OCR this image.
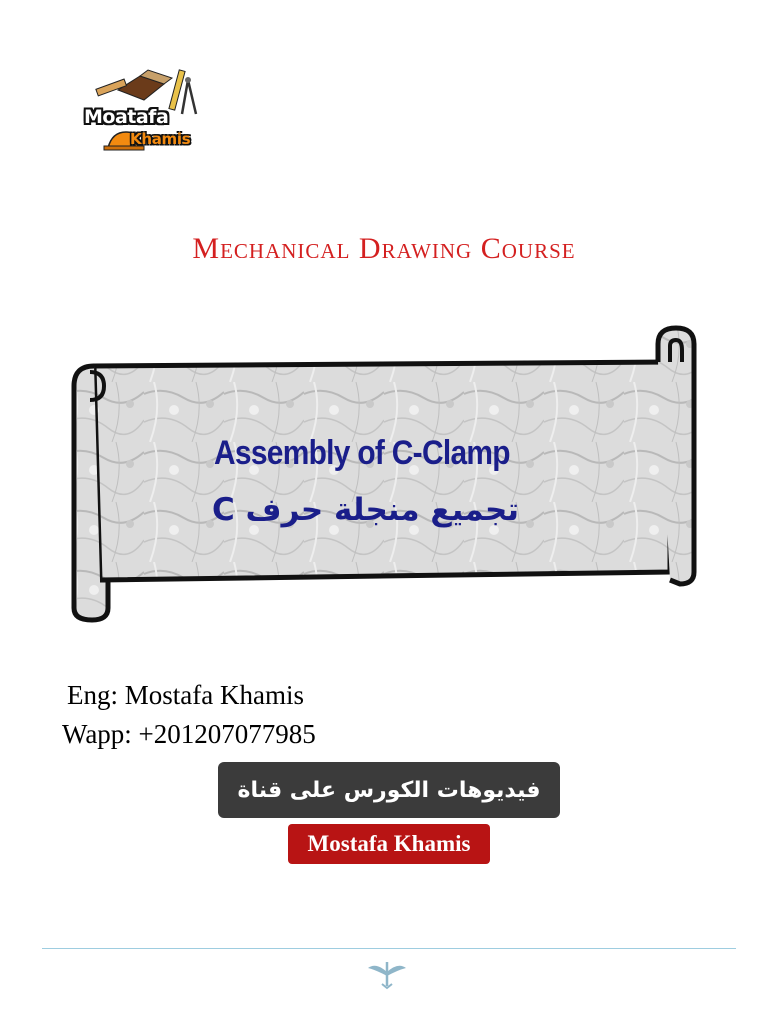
Moatafa
Khamis
Mechanical Drawing Course
Assembly of C-Clamp
تجميع منجلة حرف C
Eng: Mostafa Khamis
Wapp: +201207077985
فيديوهات الكورس على قناة
Mostafa Khamis
